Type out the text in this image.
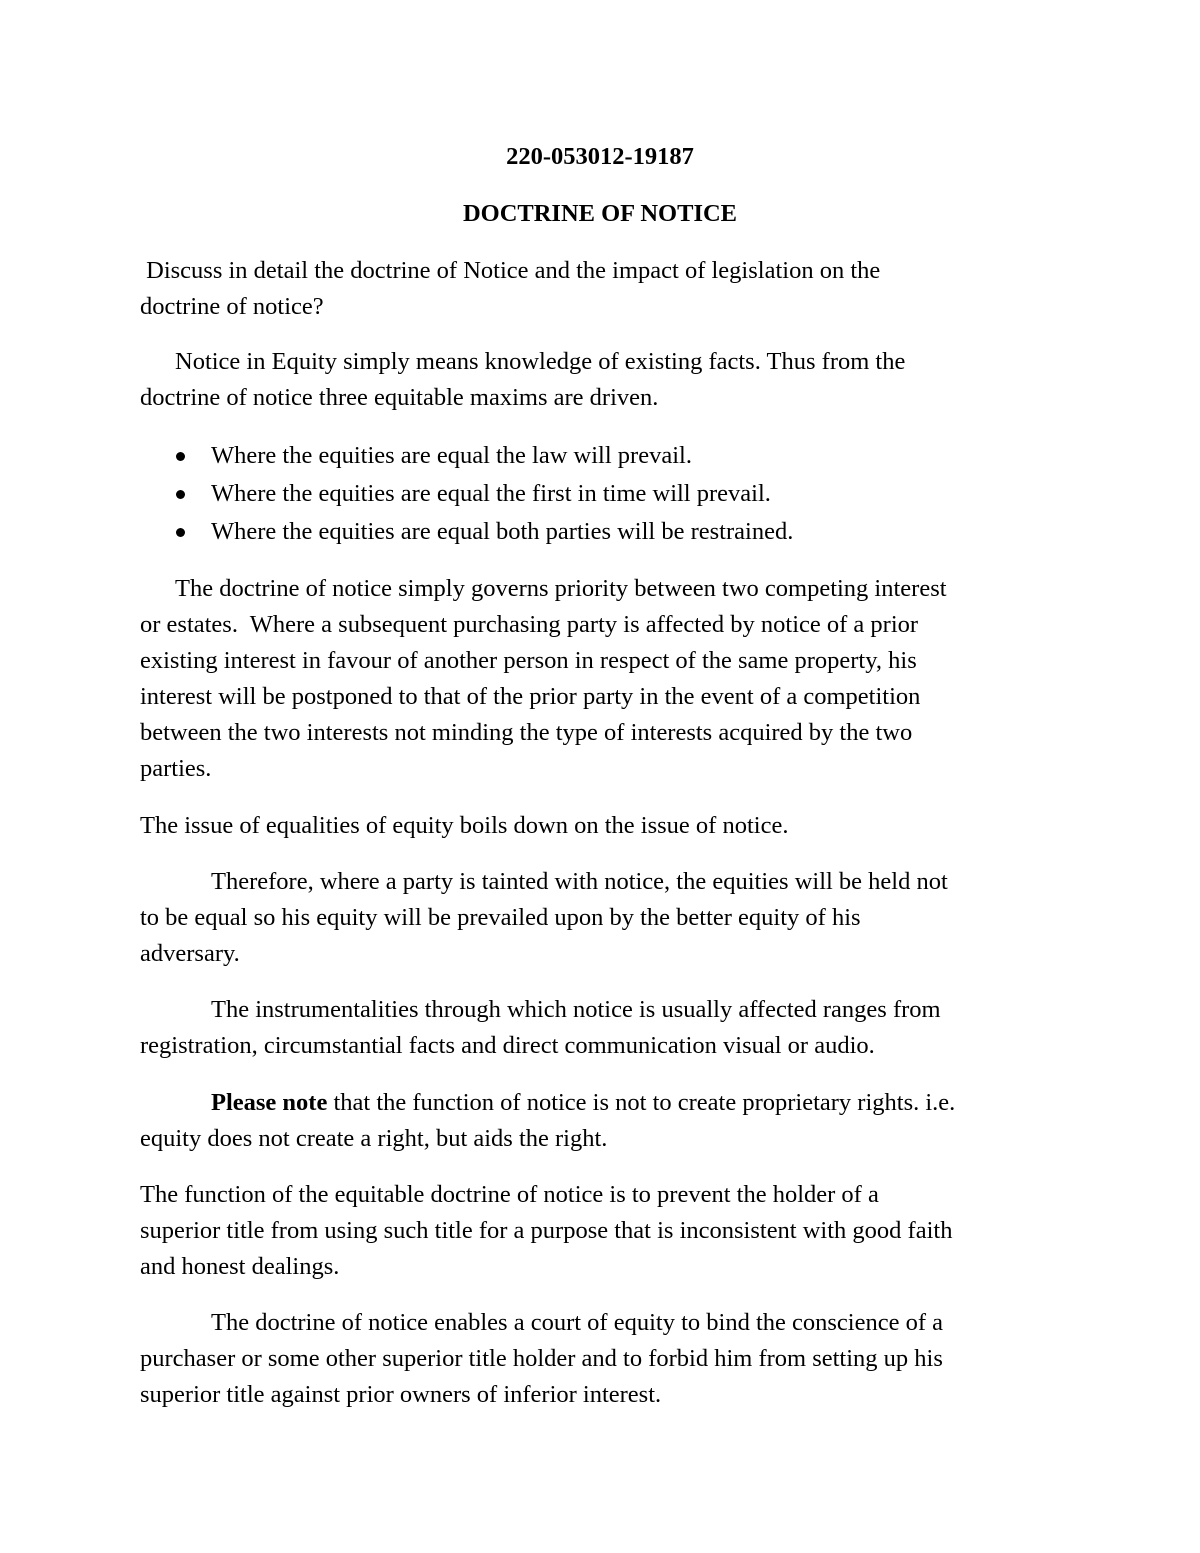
220-053012-19187

DOCTRINE OF NOTICE

Discuss in detail the doctrine of Notice and the impact of legislation on the

doctrine of notice?

Notice in Equity simply means knowledge of existing facts. Thus from the

doctrine of notice three equitable maxims are driven.

Where the equities are equal the law will prevail.

Where the equities are equal the first in time will prevail.

Where the equities are equal both parties will be restrained.

The doctrine of notice simply governs priority between two competing interest

or estates.  Where a subsequent purchasing party is affected by notice of a prior

existing interest in favour of another person in respect of the same property, his

interest will be postponed to that of the prior party in the event of a competition

between the two interests not minding the type of interests acquired by the two

parties.

The issue of equalities of equity boils down on the issue of notice.

Therefore, where a party is tainted with notice, the equities will be held not

to be equal so his equity will be prevailed upon by the better equity of his

adversary.

The instrumentalities through which notice is usually affected ranges from

registration, circumstantial facts and direct communication visual or audio.

Please note that the function of notice is not to create proprietary rights. i.e.

equity does not create a right, but aids the right.

The function of the equitable doctrine of notice is to prevent the holder of a

superior title from using such title for a purpose that is inconsistent with good faith

and honest dealings.

The doctrine of notice enables a court of equity to bind the conscience of a

purchaser or some other superior title holder and to forbid him from setting up his

superior title against prior owners of inferior interest.
